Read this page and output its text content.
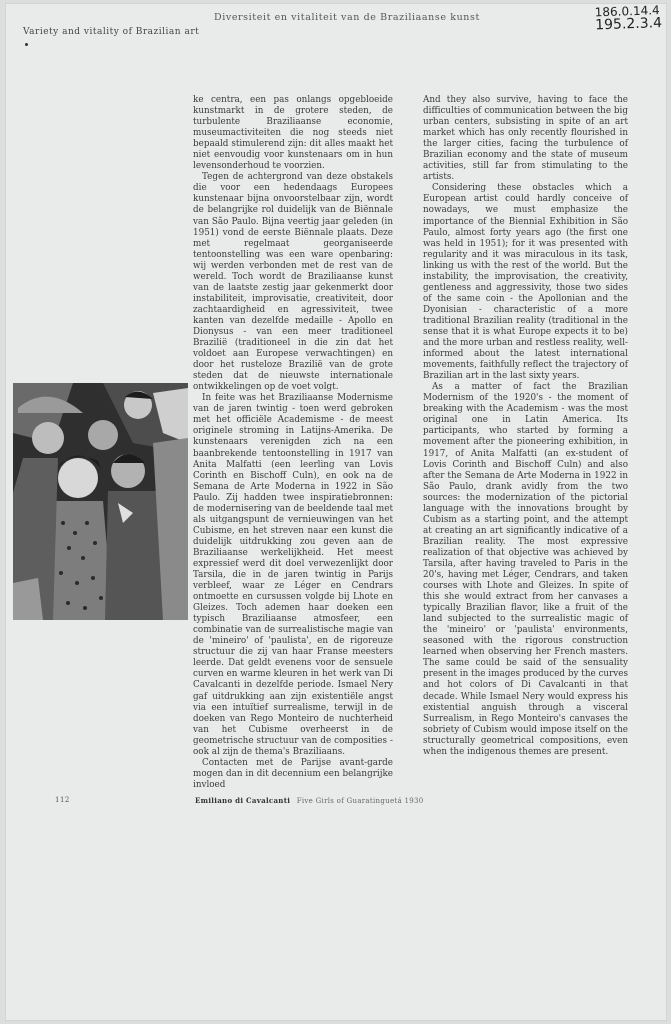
Diversiteit en vitaliteit van de Braziliaanse kunst
Variety and vitality of Brazilian art
186.0.14.4
195.2.3.4

ke centra, een pas onlangs opgebloeide kunstmarkt in de grotere steden, de turbulente Braziliaanse economie, museumactiviteiten die nog steeds niet bepaald stimulerend zijn: dit alles maakt het niet eenvoudig voor kunstenaars om in hun levensonderhoud te voorzien.

Tegen de achtergrond van deze obstakels die voor een hedendaags Europees kunstenaar bijna onvoorstelbaar zijn, wordt de belangrijke rol duidelijk van de Biënnale van São Paulo. Bijna veertig jaar geleden (in 1951) vond de eerste Biënnale plaats. Deze met regelmaat georganiseerde tentoonstelling was een ware openbaring: wij werden verbonden met de rest van de wereld. Toch wordt de Braziliaanse kunst van de laatste zestig jaar gekenmerkt door instabiliteit, improvisatie, creativiteit, door zachtaardigheid en agressiviteit, twee kanten van dezelfde medaille - Apollo en Dionysus - van een meer traditioneel Brazilië (traditioneel in die zin dat het voldoet aan Europese verwachtingen) en door het rusteloze Brazilië van de grote steden dat de nieuwste internationale ontwikkelingen op de voet volgt.

In feite was het Braziliaanse Modernisme van de jaren twintig - toen werd gebroken met het officiële Academisme - de meest originele stroming in Latijns-Amerika. De kunstenaars verenigden zich na een baanbrekende tentoonstelling in 1917 van Anita Malfatti (een leerling van Lovis Corinth en Bischoff Culn), en ook na de Semana de Arte Moderna in 1922 in São Paulo. Zij hadden twee inspiratiebronnen: de modernisering van de beeldende taal met als uitgangspunt de vernieuwingen van het Cubisme, en het streven naar een kunst die duidelijk uitdrukking zou geven aan de Braziliaanse werkelijkheid. Het meest expressief werd dit doel verwezenlijkt door Tarsila, die in de jaren twintig in Parijs verbleef, waar ze Léger en Cendrars ontmoette en cursussen volgde bij Lhote en Gleizes. Toch ademen haar doeken een typisch Braziliaanse atmosfeer, een combinatie van de surrealistische magie van de 'mineiro' of 'paulista', en de rigoreuze structuur die zij van haar Franse meesters leerde. Dat geldt evenens voor de sensuele curven en warme kleuren in het werk van Di Cavalcanti in dezelfde periode. Ismael Nery gaf uitdrukking aan zijn existentiële angst via een intuïtief surrealisme, terwijl in de doeken van Rego Monteiro de nuchterheid van het Cubisme overheerst in de geometrische structuur van de composities - ook al zijn de thema's Braziliaans.

Contacten met de Parijse avant-garde mogen dan in dit decennium een belangrijke invloed

And they also survive, having to face the difficulties of communication between the big urban centers, subsisting in spite of an art market which has only recently flourished in the larger cities, facing the turbulence of Brazilian economy and the state of museum activities, still far from stimulating to the artists.

Considering these obstacles which a European artist could hardly conceive of nowadays, we must emphasize the importance of the Biennial Exhibition in São Paulo, almost forty years ago (the first one was held in 1951); for it was presented with regularity and it was miraculous in its task, linking us with the rest of the world. But the instability, the improvisation, the creativity, gentleness and aggressivity, those two sides of the same coin - the Apollonian and the Dyonisian - characteristic of a more traditional Brazilian reality (traditional in the sense that it is what Europe expects it to be) and the more urban and restless reality, well-informed about the latest international movements, faithfully reflect the trajectory of Brazilian art in the last sixty years.

As a matter of fact the Brazilian Modernism of the 1920's - the moment of breaking with the Academism - was the most original one in Latin America. Its participants, who started by forming a movement after the pioneering exhibition, in 1917, of Anita Malfatti (an ex-student of Lovis Corinth and Bischoff Culn) and also after the Semana de Arte Moderna in 1922 in São Paulo, drank avidly from the two sources: the modernization of the pictorial language with the innovations brought by Cubism as a starting point, and the attempt at creating an art significantly indicative of a Brazilian reality. The most expressive realization of that objective was achieved by Tarsila, after having traveled to Paris in the 20's, having met Léger, Cendrars, and taken courses with Lhote and Gleizes. In spite of this she would extract from her canvases a typically Brazilian flavor, like a fruit of the land subjected to the surrealistic magic of the 'mineiro' or 'paulista' environments, seasoned with the rigorous construction learned when observing her French masters. The same could be said of the sensuality present in the images produced by the curves and hot colors of Di Cavalcanti in that decade. While Ismael Nery would express his existential anguish through a visceral Surrealism, in Rego Monteiro's canvases the sobriety of Cubism would impose itself on the structurally geometrical compositions, even when the indigenous themes are present.

112	Emiliano di Cavalcanti Five Girls of Guaratinguetá 1930
